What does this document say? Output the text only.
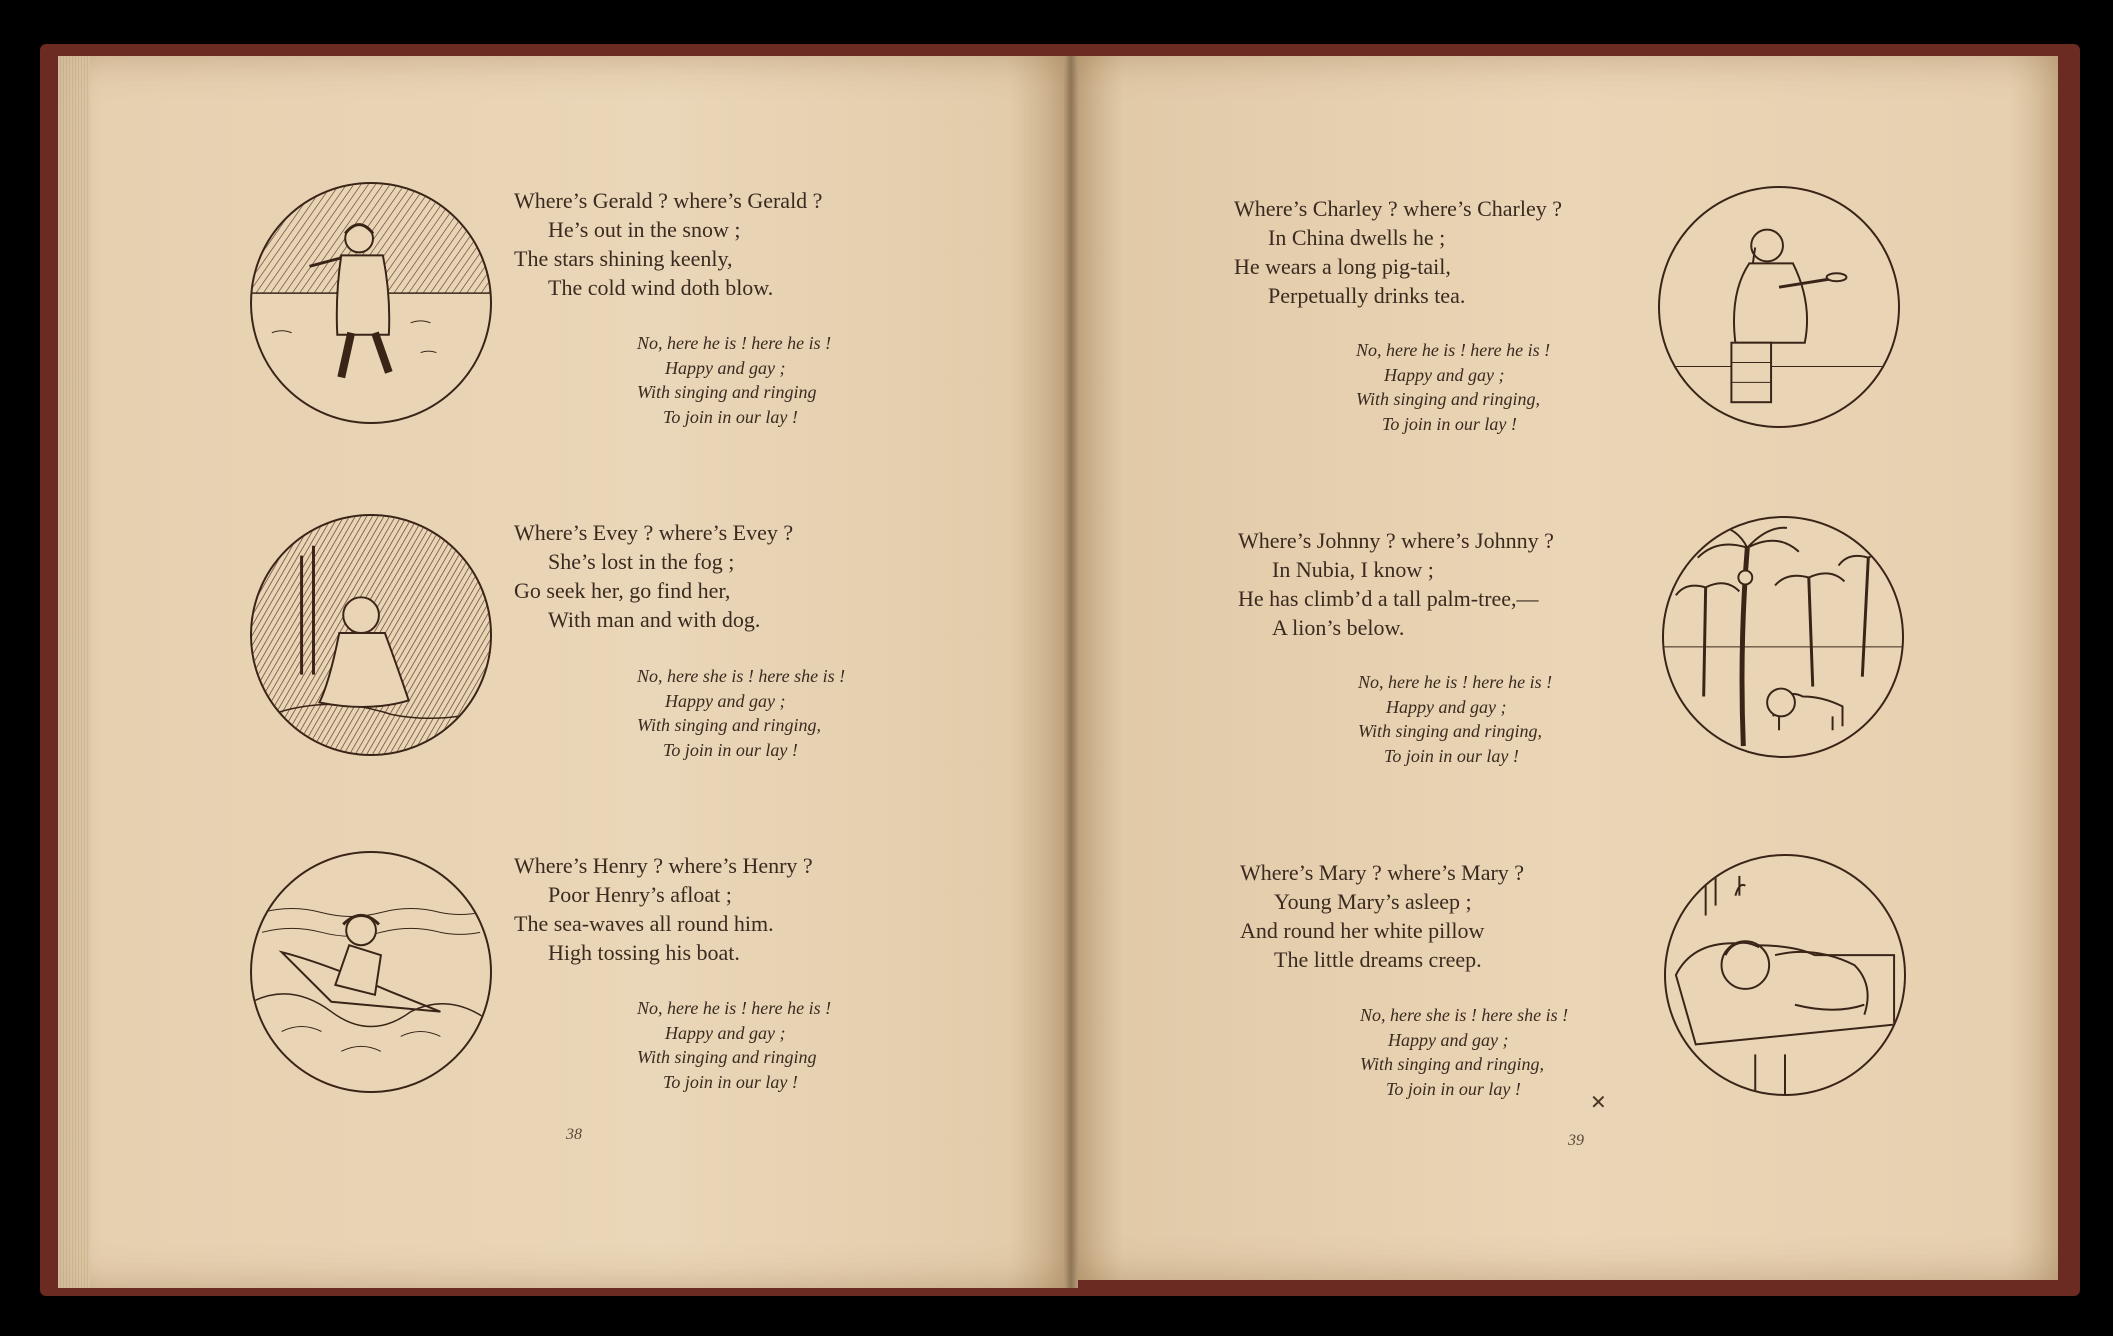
Where’s Gerald ? where’s Gerald ?
He’s out in the snow ;
The stars shining keenly,
The cold wind doth blow.
No, here he is ! here he is !
Happy and gay ;
With singing and ringing
To join in our lay !
Where’s Evey ? where’s Evey ?
She’s lost in the fog ;
Go seek her, go find her,
With man and with dog.
No, here she is ! here she is !
Happy and gay ;
With singing and ringing,
To join in our lay !
Where’s Henry ? where’s Henry ?
Poor Henry’s afloat ;
The sea-waves all round him.
High tossing his boat.
No, here he is ! here he is !
Happy and gay ;
With singing and ringing
To join in our lay !
38
Where’s Charley ? where’s Charley ?
In China dwells he ;
He wears a long pig-tail,
Perpetually drinks tea.
No, here he is ! here he is !
Happy and gay ;
With singing and ringing,
To join in our lay !
Where’s Johnny ? where’s Johnny ?
In Nubia, I know ;
He has climb’d a tall palm-tree,—
A lion’s below.
No, here he is ! here he is !
Happy and gay ;
With singing and ringing,
To join in our lay !
Where’s Mary ? where’s Mary ?
Young Mary’s asleep ;
And round her white pillow
The little dreams creep.
No, here she is ! here she is !
Happy and gay ;
With singing and ringing,
To join in our lay !
✕
39
